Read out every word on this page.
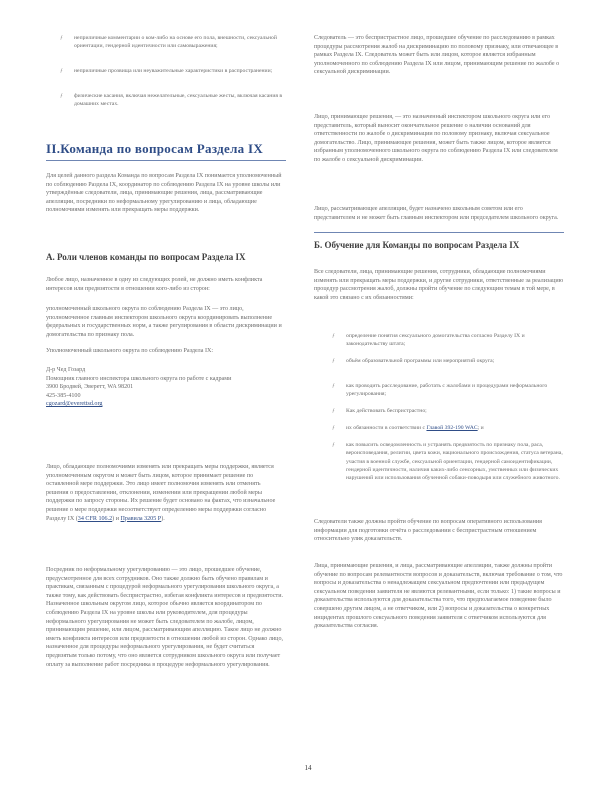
ƒ неприличные комментарии о ком-либо на основе его пола, внешности, сексуальной ориентации, гендерной идентичности или самовыражения;

ƒ неприличные прозвища или неуважительные характеристики в распространении;

ƒ физические касания, включая нежелательные, сексуальные жесты, включая касания в домашних местах.

II.Команда по вопросам Раздела IX

Для целей данного раздела Команда по вопросам Раздела IX понимается уполномоченный по соблюдению Раздела IX, координатор по соблюдению Раздела IX на уровне школы или утверждённые следователи, лица, принимающие решения, лица, рассматривающие апелляции, посредники по неформальному урегулированию и лица, обладающие полномочиями изменять или прекращать меры поддержки.

A. Роли членов команды по вопросам Раздела IX

Любое лицо, назначенное в одну из следующих ролей, не должно иметь конфликта интересов или предвзятости в отношении кого-либо из сторон:

уполномоченный школьного округа по соблюдению Раздела IX — это лицо, уполномоченное главным инспектором школьного округа координировать выполнение федеральных и государственных норм, а также регулирования в области дискриминации и домогательства по признаку пола.

Уполномоченный школьного округа по соблюдению Раздела IX:

Д-р Чед Гозард

Помощник главного инспектора школьного округа по работе с кадрами

3900 Бродвей, Эверетт, WA 98201

425-385-4100

cgozard@everettsd.org

Лицо, обладающее полномочиями изменять или прекращать меры поддержки, является уполномоченным округом и может быть лицом, которое принимает решение по оставленной мере поддержки. Это лицо имеет полномочия изменять или отменять решения о предоставлении, отклонении, изменении или прекращении любой меры поддержки по запросу стороны. Их решение будет основано на фактах, что изначальное решение о мере поддержки несоответствует определению меры поддержки согласно Разделу IX (34 CFR 106.2) и Правила 3205 P).

Посредник по неформальному урегулированию — это лицо, прошедшее обучение, предусмотренное для всех сотрудников. Оно также должно быть обучено правилам и практикам, связанным с процедурой неформального урегулирования школьного округа, а также тому, как действовать беспристрастно, избегая конфликта интересов и предвзятости. Назначенное школьным округом лицо, которое обычно является координатором по соблюдению Раздела IX на уровне школы или руководителем, для процедуры неформального урегулирования не может быть следователем по жалобе, лицом, принимающим решение, или лицом, рассматривающим апелляцию. Такое лицо не должно иметь конфликта интересов или предвзятости в отношении любой из сторон. Однако лицо, назначенное для процедуры неформального урегулирования, не будет считаться предвзятым только потому, что оно является сотрудником школьного округа или получает оплату за выполнение работ посредника в процедуре неформального урегулирования.

Следователь — это беспристрастное лицо, прошедшее обучение по расследованию в рамках процедуры рассмотрения жалоб на дискриминацию по половому признаку, или отвечающее в рамках Раздела IX. Следователь может быть или лицом, которое является избранным уполномоченного по соблюдению Раздела IX или лицом, принимающим решение по жалобе о сексуальной дискриминации.

Лицо, принимающее решения, — это назначенный инспектором школьного округа или его представитель, который выносит окончательное решение о наличии оснований для ответственности по жалобе о дискриминации по половому признаку, включая сексуальное домогательство. Лицо, принимающее решения, может быть также лицом, которое является избранным уполномоченного школьного округа по соблюдению Раздела IX или следователем по жалобе о сексуальной дискриминации.

Лицо, рассматривающее апелляции, будет назначено школьным советом или его представителем и не может быть главным инспектором или председателем школьного округа.

Б. Обучение для Команды по вопросам Раздела IX

Все следователи, лица, принимающие решения, сотрудники, обладающие полномочиями изменять или прекращать меры поддержки, и другие сотрудники, ответственные за реализацию процедур рассмотрения жалоб, должны пройти обучение по следующим темам в той мере, в какой это связано с их обязанностями:

ƒ определение понятия сексуального домогательства согласно Разделу IX и законодательству штата;

ƒ объём образовательной программы или мероприятий округа;

ƒ как проводить расследование, работать с жалобами и процедурами неформального урегулирования;

ƒ Как действовать беспристрастно;

ƒ их обязанности в соответствии с Главой 392-190 WAC; и

ƒ как повысить осведомленность и устранять предвзятость по признаку пола, раса, вероисповедания, религии, цвета кожи, национального происхождения, статуса ветерана, участия в военной службе, сексуальной ориентации, гендерной самоидентификации, гендерной идентичности, наличия каких-либо сенсорных, умственных или физических нарушений или использования обученной собаки-поводыря или служебного животного.

Следователи также должны пройти обучение по вопросам оперативного использования информации для подготовки отчёта о расследовании с беспристрастным отношением относительно улик доказательств.

Лица, принимающие решения, и лица, рассматривающие апелляции, также должны пройти обучение по вопросам релевантности вопросов и доказательств, включая требование о том, что вопросы и доказательства о ненадлежащем сексуальном предпочтении или предыдущем сексуальном поведении заявителя не являются релевантными, если только: 1) такие вопросы и доказательства используются для доказательства того, что предполагаемое поведение было совершено другим лицом, а не ответчиком, или 2) вопросы и доказательства о конкретных инцидентах прошлого сексуального поведения заявителя с ответчиком используются для доказательства согласия.

14
